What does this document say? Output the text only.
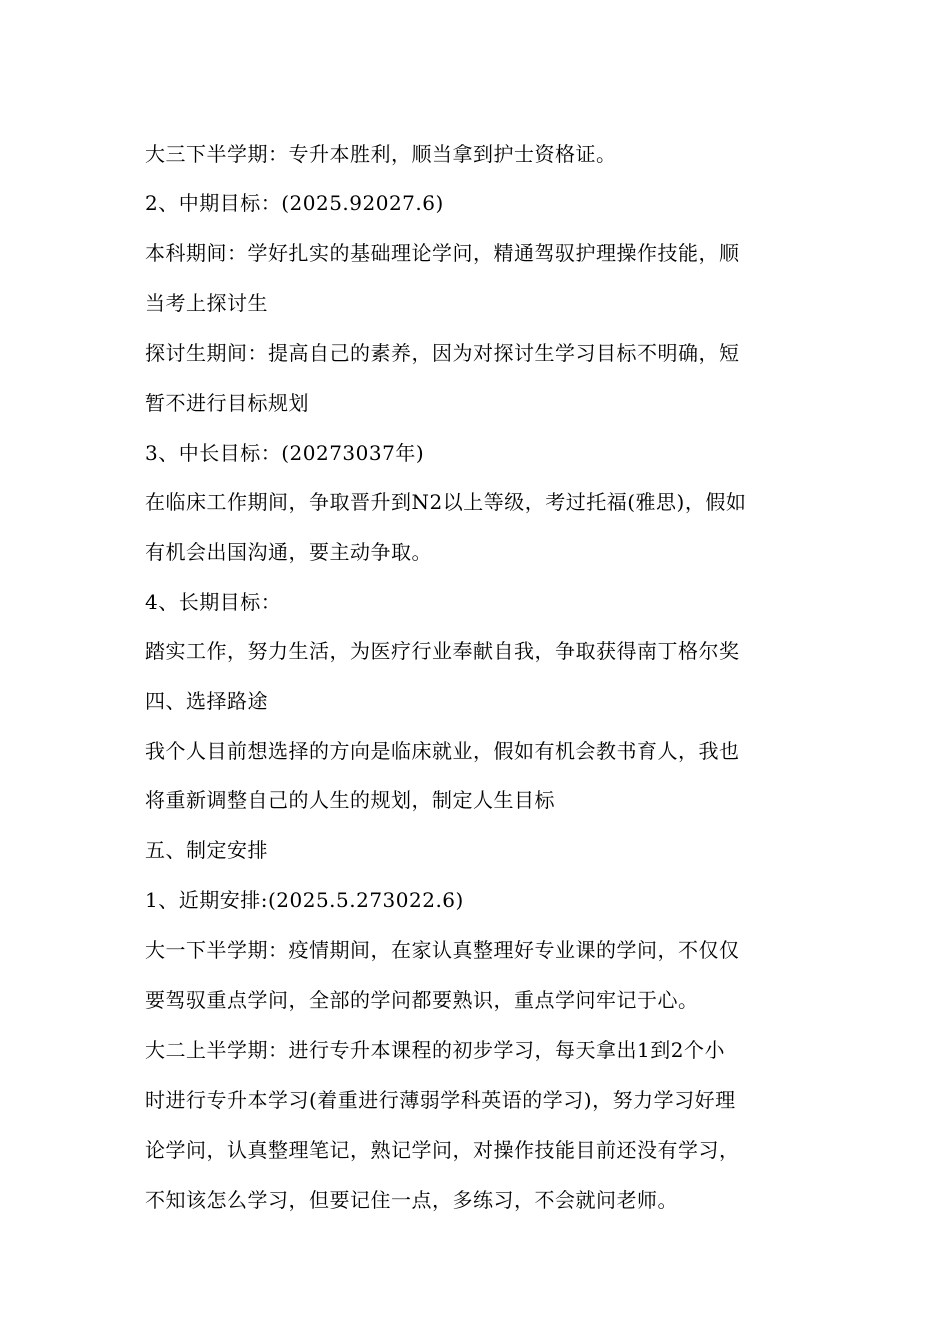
大三下半学期：专升本胜利，顺当拿到护士资格证。
2、中期目标：(2025.92027.6)
本科期间：学好扎实的基础理论学问，精通驾驭护理操作技能，顺
当考上探讨生
探讨生期间：提高自己的素养，因为对探讨生学习目标不明确，短
暂不进行目标规划
3、中长目标：(20273037年)
在临床工作期间，争取晋升到N2以上等级，考过托福(雅思)，假如
有机会出国沟通，要主动争取。
4、长期目标：
踏实工作，努力生活，为医疗行业奉献自我，争取获得南丁格尔奖
四、选择路途
我个人目前想选择的方向是临床就业，假如有机会教书育人，我也
将重新调整自己的人生的规划，制定人生目标
五、制定安排
1、近期安排:(2025.5.273022.6)
大一下半学期：疫情期间，在家认真整理好专业课的学问，不仅仅
要驾驭重点学问，全部的学问都要熟识，重点学问牢记于心。
大二上半学期：进行专升本课程的初步学习，每天拿出1到2个小
时进行专升本学习(着重进行薄弱学科英语的学习)，努力学习好理
论学问，认真整理笔记，熟记学问，对操作技能目前还没有学习，
不知该怎么学习，但要记住一点，多练习，不会就问老师。
